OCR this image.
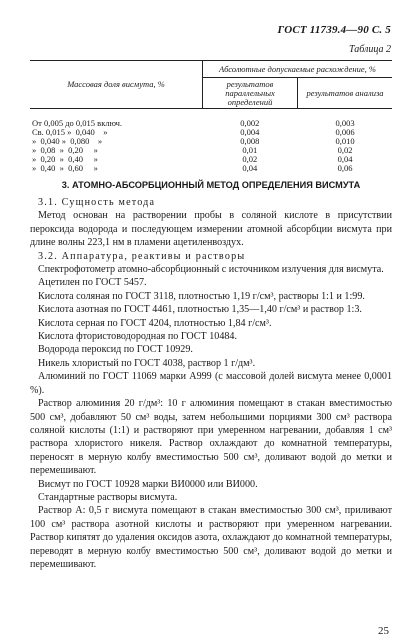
ГОСТ 11739.4—90 С. 5
Таблица 2
Массовая доля висмута, %	Абсолютные допускаемые расхождение, %	
	результатов параллельных определений	результатов анализа
От 0,005 до 0,015 включ.	0,002	0,003
Св. 0,015 »  0,040    »	0,004	0,006
»  0,040 »  0,080    »	0,008	0,010
»  0,08  »  0,20     »	0,01	0,02
»  0,20  »  0,40     »	0,02	0,04
»  0,40  »  0,60     »	0,04	0,06
3. АТОМНО-АБСОРБЦИОННЫЙ МЕТОД ОПРЕДЕЛЕНИЯ ВИСМУТА

3.1. Сущность метода

Метод основан на растворении пробы в соляной кислоте в присутствии пероксида водорода и последующем измерении атомной абсорбции висмута при длине волны 223,1 нм в пламени ацетиленвоздух.

3.2. Аппаратура, реактивы и растворы

Спектрофотометр атомно-абсорбционный с источником излучения для висмута.

Ацетилен по ГОСТ 5457.

Кислота соляная по ГОСТ 3118, плотностью 1,19 г/см³, растворы 1:1 и 1:99.

Кислота азотная по ГОСТ 4461, плотностью 1,35—1,40 г/см³ и раствор 1:3.

Кислота серная по ГОСТ 4204, плотностью 1,84 г/см³.

Кислота фтористоводородная по ГОСТ 10484.

Водорода пероксид по ГОСТ 10929.

Никель хлористый по ГОСТ 4038, раствор 1 г/дм³.

Алюминий по ГОСТ 11069 марки А999 (с массовой долей висмута менее 0,0001 %).

Раствор алюминия 20 г/дм³: 10 г алюминия помещают в стакан вместимостью 500 см³, добавляют 50 см³ воды, затем небольшими порциями 300 см³ раствора соляной кислоты (1:1) и растворяют при умеренном нагревании, добавляя 1 см³ раствора хлористого никеля. Раствор охлаждают до комнатной температуры, переносят в мерную колбу вместимостью 500 см³, доливают водой до метки и перемешивают.

Висмут по ГОСТ 10928 марки ВИ0000 или ВИ000.

Стандартные растворы висмута.

Раствор А: 0,5 г висмута помещают в стакан вместимостью 300 см³, приливают 100 см³ раствора азотной кислоты и растворяют при умеренном нагревании. Раствор кипятят до удаления оксидов азота, охлаждают до комнатной температуры, переводят в мерную колбу вместимостью 500 см³, доливают водой до метки и перемешивают.

25
